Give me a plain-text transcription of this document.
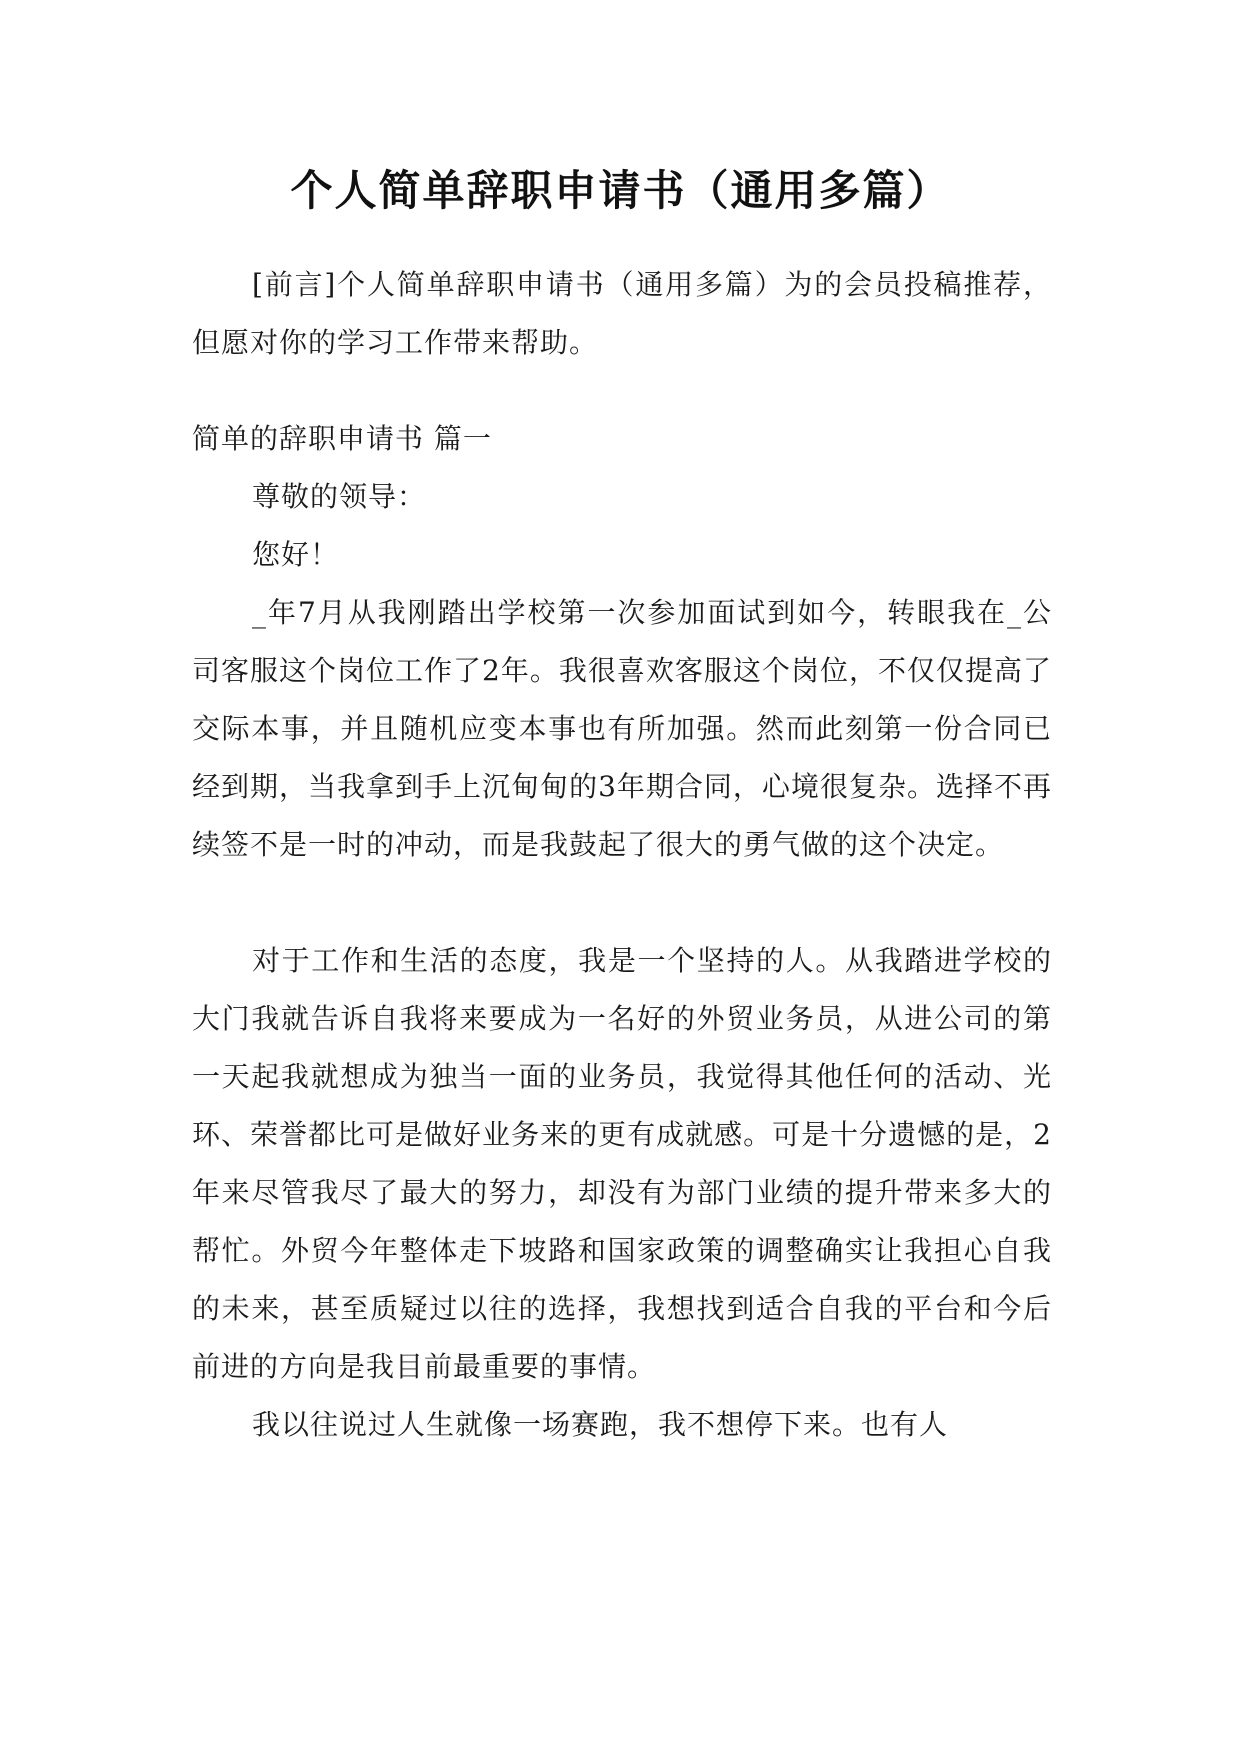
个人简单辞职申请书（通用多篇）

[前言]个人简单辞职申请书（通用多篇）为的会员投稿推荐，但愿对你的学习工作带来帮助。

简单的辞职申请书 篇一

尊敬的领导：

您好！

_年7月从我刚踏出学校第一次参加面试到如今，转眼我在_公司客服这个岗位工作了2年。我很喜欢客服这个岗位，不仅仅提高了交际本事，并且随机应变本事也有所加强。然而此刻第一份合同已经到期，当我拿到手上沉甸甸的3年期合同，心境很复杂。选择不再续签不是一时的冲动，而是我鼓起了很大的勇气做的这个决定。

对于工作和生活的态度，我是一个坚持的人。从我踏进学校的大门我就告诉自我将来要成为一名好的外贸业务员，从进公司的第一天起我就想成为独当一面的业务员，我觉得其他任何的活动、光环、荣誉都比可是做好业务来的更有成就感。可是十分遗憾的是，2年来尽管我尽了最大的努力，却没有为部门业绩的提升带来多大的帮忙。外贸今年整体走下坡路和国家政策的调整确实让我担心自我的未来，甚至质疑过以往的选择，我想找到适合自我的平台和今后前进的方向是我目前最重要的事情。

我以往说过人生就像一场赛跑，我不想停下来。也有人
